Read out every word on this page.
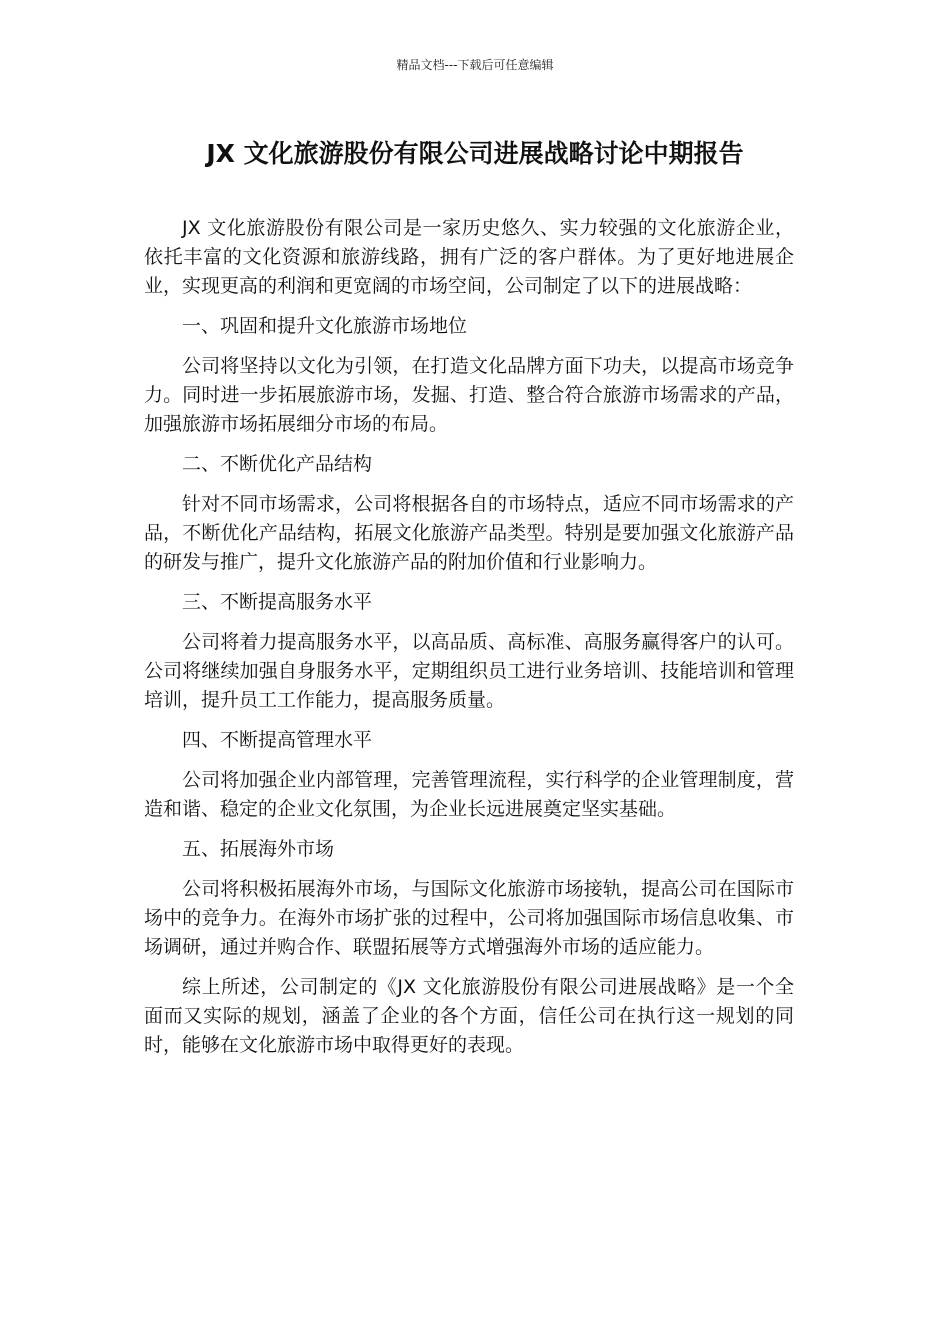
精品文档---下载后可任意编辑
JX 文化旅游股份有限公司进展战略讨论中期报告

JX 文化旅游股份有限公司是一家历史悠久、实力较强的文化旅游企业，依托丰富的文化资源和旅游线路，拥有广泛的客户群体。为了更好地进展企业，实现更高的利润和更宽阔的市场空间，公司制定了以下的进展战略：

一、巩固和提升文化旅游市场地位

公司将坚持以文化为引领，在打造文化品牌方面下功夫，以提高市场竞争力。同时进一步拓展旅游市场，发掘、打造、整合符合旅游市场需求的产品，加强旅游市场拓展细分市场的布局。

二、不断优化产品结构

针对不同市场需求，公司将根据各自的市场特点，适应不同市场需求的产品，不断优化产品结构，拓展文化旅游产品类型。特别是要加强文化旅游产品的研发与推广，提升文化旅游产品的附加价值和行业影响力。

三、不断提高服务水平

公司将着力提高服务水平，以高品质、高标准、高服务赢得客户的认可。公司将继续加强自身服务水平，定期组织员工进行业务培训、技能培训和管理培训，提升员工工作能力，提高服务质量。

四、不断提高管理水平

公司将加强企业内部管理，完善管理流程，实行科学的企业管理制度，营造和谐、稳定的企业文化氛围，为企业长远进展奠定坚实基础。

五、拓展海外市场

公司将积极拓展海外市场，与国际文化旅游市场接轨，提高公司在国际市场中的竞争力。在海外市场扩张的过程中，公司将加强国际市场信息收集、市场调研，通过并购合作、联盟拓展等方式增强海外市场的适应能力。

综上所述，公司制定的《JX 文化旅游股份有限公司进展战略》是一个全面而又实际的规划，涵盖了企业的各个方面，信任公司在执行这一规划的同时，能够在文化旅游市场中取得更好的表现。
